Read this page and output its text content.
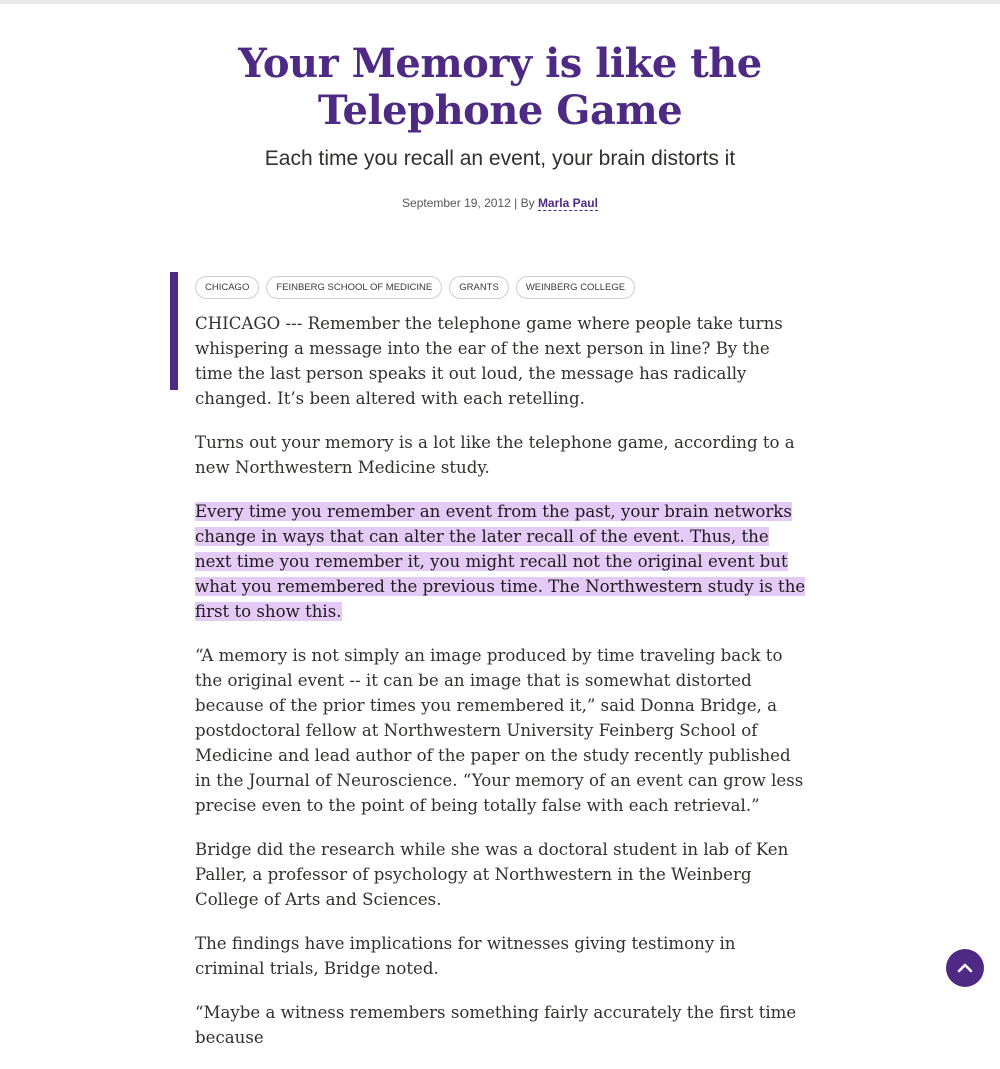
Your Memory is like the Telephone Game
Each time you recall an event, your brain distorts it
September 19, 2012 | By Marla Paul
CHICAGO	FEINBERG SCHOOL OF MEDICINE	GRANTS	WEINBERG COLLEGE

CHICAGO --- Remember the telephone game where people take turns whispering a message into the ear of the next person in line? By the time the last person speaks it out loud, the message has radically changed. It’s been altered with each retelling.

Turns out your memory is a lot like the telephone game, according to a new Northwestern Medicine study.

Every time you remember an event from the past, your brain networks change in ways that can alter the later recall of the event. Thus, the next time you remember it, you might recall not the original event but what you remembered the previous time. The Northwestern study is the first to show this.

“A memory is not simply an image produced by time traveling back to the original event -- it can be an image that is somewhat distorted because of the prior times you remembered it,” said Donna Bridge, a postdoctoral fellow at Northwestern University Feinberg School of Medicine and lead author of the paper on the study recently published in the Journal of Neuroscience. “Your memory of an event can grow less precise even to the point of being totally false with each retrieval.”

Bridge did the research while she was a doctoral student in lab of Ken Paller, a professor of psychology at Northwestern in the Weinberg College of Arts and Sciences.

The findings have implications for witnesses giving testimony in criminal trials, Bridge noted.

“Maybe a witness remembers something fairly accurately the first time because
